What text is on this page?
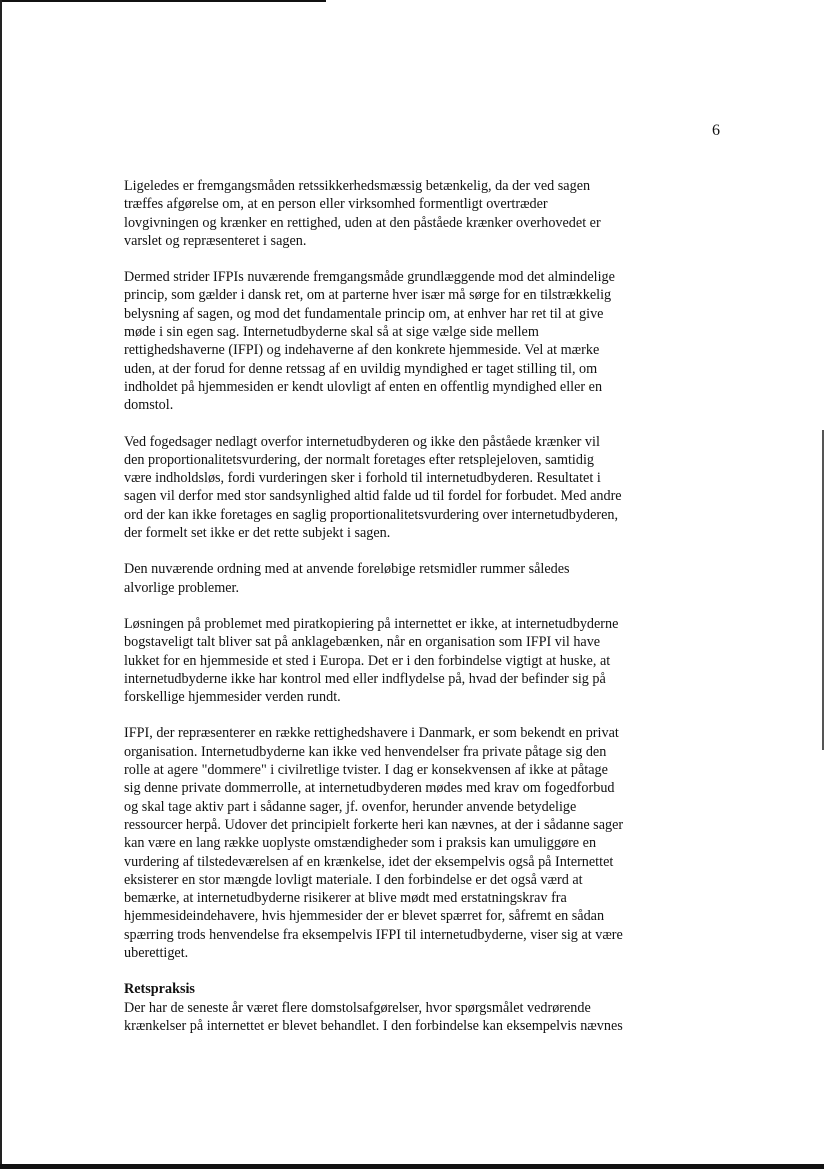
6

Ligeledes er fremgangsmåden retssikkerhedsmæssig betænkelig, da der ved sagen
træffes afgørelse om, at en person eller virksomhed formentligt overtræder
lovgivningen og krænker en rettighed, uden at den påståede krænker overhovedet er
varslet og repræsenteret i sagen.

Dermed strider IFPIs nuværende fremgangsmåde grundlæggende mod det almindelige
princip, som gælder i dansk ret, om at parterne hver især må sørge for en tilstrækkelig
belysning af sagen, og mod det fundamentale princip om, at enhver har ret til at give
møde i sin egen sag. Internetudbyderne skal så at sige vælge side mellem
rettighedshaverne (IFPI) og indehaverne af den konkrete hjemmeside. Vel at mærke
uden, at der forud for denne retssag af en uvildig myndighed er taget stilling til, om
indholdet på hjemmesiden er kendt ulovligt af enten en offentlig myndighed eller en
domstol.

Ved fogedsager nedlagt overfor internetudbyderen og ikke den påståede krænker vil
den proportionalitetsvurdering, der normalt foretages efter retsplejeloven, samtidig
være indholdsløs, fordi vurderingen sker i forhold til internetudbyderen. Resultatet i
sagen vil derfor med stor sandsynlighed altid falde ud til fordel for forbudet. Med andre
ord der kan ikke foretages en saglig proportionalitetsvurdering over internetudbyderen,
der formelt set ikke er det rette subjekt i sagen.

Den nuværende ordning med at anvende foreløbige retsmidler rummer således
alvorlige problemer.

Løsningen på problemet med piratkopiering på internettet er ikke, at internetudbyderne
bogstaveligt talt bliver sat på anklagebænken, når en organisation som IFPI vil have
lukket for en hjemmeside et sted i Europa. Det er i den forbindelse vigtigt at huske, at
internetudbyderne ikke har kontrol med eller indflydelse på, hvad der befinder sig på
forskellige hjemmesider verden rundt.

IFPI, der repræsenterer en række rettighedshavere i Danmark, er som bekendt en privat
organisation. Internetudbyderne kan ikke ved henvendelser fra private påtage sig den
rolle at agere "dommere" i civilretlige tvister. I dag er konsekvensen af ikke at påtage
sig denne private dommerrolle, at internetudbyderen mødes med krav om fogedforbud
og skal tage aktiv part i sådanne sager, jf. ovenfor, herunder anvende betydelige
ressourcer herpå. Udover det principielt forkerte heri kan nævnes, at der i sådanne sager
kan være en lang række uoplyste omstændigheder som i praksis kan umuliggøre en
vurdering af tilstedeværelsen af en krænkelse, idet der eksempelvis også på Internettet
eksisterer en stor mængde lovligt materiale. I den forbindelse er det også værd at
bemærke, at internetudbyderne risikerer at blive mødt med erstatningskrav fra
hjemmesideindehavere, hvis hjemmesider der er blevet spærret for, såfremt en sådan
spærring trods henvendelse fra eksempelvis IFPI til internetudbyderne, viser sig at være
uberettiget.

Retspraksis
Der har de seneste år været flere domstolsafgørelser, hvor spørgsmålet vedrørende
krænkelser på internettet er blevet behandlet. I den forbindelse kan eksempelvis nævnes
